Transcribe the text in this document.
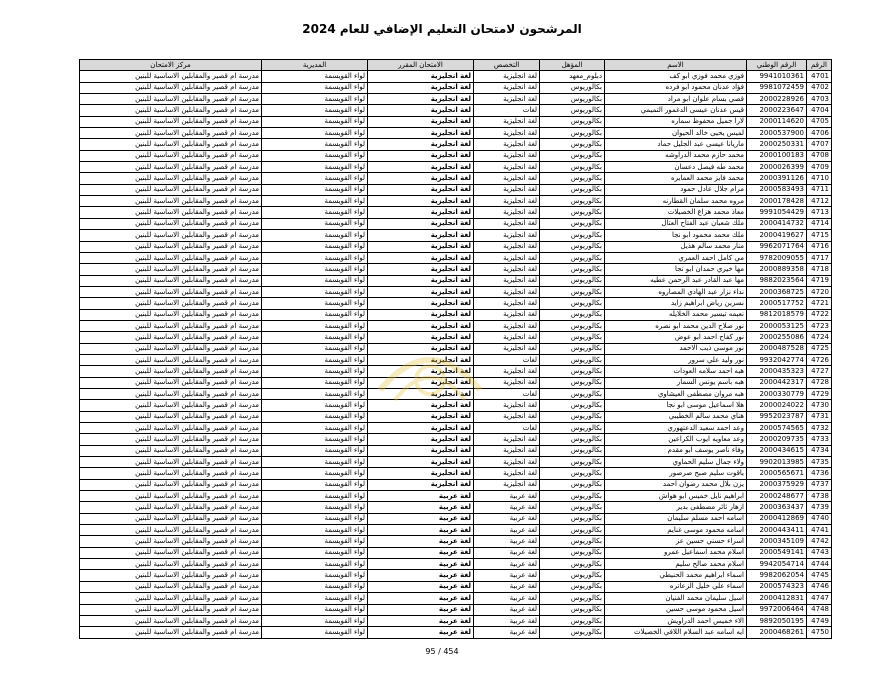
المرشحون لامتحان التعليم الإضافي للعام 2024
الرقم	الرقم الوطني	الاسم	المؤهل	التخصص	الامتحان المقرر	المديرية	مركز الامتحان
4701	9941010361	فوزي محمد فوزي ابو كف	دبلوم_معهد	لغة انجليزية	لغة انجليزية	لواء القويسمة	مدرسة ام قصير والمقابلين الاساسية للبنين
4702	9981072459	فؤاد عدنان محمود ابو فرده	بكالوريوس	لغة انجليزية	لغة انجليزية	لواء القويسمة	مدرسة ام قصير والمقابلين الاساسية للبنين
4703	2000228926	قصي بسام علوان ابو مراد	بكالوريوس	لغة انجليزية	لغة انجليزية	لواء القويسمة	مدرسة ام قصير والمقابلين الاساسية للبنين
4704	2000223647	قيس عدنان عيسى الدغمور التميمي	بكالوريوس	لغات	لغة انجليزية	لواء القويسمة	مدرسة ام قصير والمقابلين الاساسية للبنين
4705	2000114620	لارا جميل محفوظ سماره	بكالوريوس	لغة انجليزية	لغة انجليزية	لواء القويسمة	مدرسة ام قصير والمقابلين الاساسية للبنين
4706	2000537900	لميس يحيى خالد الحيوان	بكالوريوس	لغة انجليزية	لغة انجليزية	لواء القويسمة	مدرسة ام قصير والمقابلين الاساسية للبنين
4707	2000250331	ماريانا عيسى عبد الجليل حماد	بكالوريوس	لغة انجليزية	لغة انجليزية	لواء القويسمة	مدرسة ام قصير والمقابلين الاساسية للبنين
4708	2000100183	محمد حازم محمد الدراوشه	بكالوريوس	لغة انجليزية	لغة انجليزية	لواء القويسمة	مدرسة ام قصير والمقابلين الاساسية للبنين
4709	2000026399	محمد طه فيصل دعسان	بكالوريوس	لغة انجليزية	لغة انجليزية	لواء القويسمة	مدرسة ام قصير والمقابلين الاساسية للبنين
4710	2000391126	محمد فايز محمد العمايره	بكالوريوس	لغة انجليزية	لغة انجليزية	لواء القويسمة	مدرسة ام قصير والمقابلين الاساسية للبنين
4711	2000583493	مرام جلال عادل حمود	بكالوريوس	لغة انجليزية	لغة انجليزية	لواء القويسمة	مدرسة ام قصير والمقابلين الاساسية للبنين
4712	2000178428	مروه محمد سلمان القطارنه	بكالوريوس	لغة انجليزية	لغة انجليزية	لواء القويسمة	مدرسة ام قصير والمقابلين الاساسية للبنين
4713	9991054429	معاذ محمد هزاع الخصيلات	بكالوريوس	لغة انجليزية	لغة انجليزية	لواء القويسمة	مدرسة ام قصير والمقابلين الاساسية للبنين
4714	2000414732	ملك شعبان عبد الفتاح العتال	بكالوريوس	لغة انجليزية	لغة انجليزية	لواء القويسمة	مدرسة ام قصير والمقابلين الاساسية للبنين
4715	2000419627	ملك محمد محمود ابو نجا	بكالوريوس	لغة انجليزية	لغة انجليزية	لواء القويسمة	مدرسة ام قصير والمقابلين الاساسية للبنين
4716	9962071764	منار محمد سالم هذيل	بكالوريوس	لغة انجليزية	لغة انجليزية	لواء القويسمة	مدرسة ام قصير والمقابلين الاساسية للبنين
4717	9782009055	مي كامل احمد العمري	بكالوريوس	لغة انجليزية	لغة انجليزية	لواء القويسمة	مدرسة ام قصير والمقابلين الاساسية للبنين
4718	2000889358	مها خيري حمدان ابو نجا	بكالوريوس	لغة انجليزية	لغة انجليزية	لواء القويسمة	مدرسة ام قصير والمقابلين الاساسية للبنين
4719	9882023564	مها عبد القادر عبد الرحمن عطيه	بكالوريوس	لغة انجليزية	لغة انجليزية	لواء القويسمة	مدرسة ام قصير والمقابلين الاساسية للبنين
4720	2000368725	نداء نزار عبد الهادي المصاروه	بكالوريوس	لغة انجليزية	لغة انجليزية	لواء القويسمة	مدرسة ام قصير والمقابلين الاساسية للبنين
4721	2000517752	نسرين رياض ابراهيم زايد	بكالوريوس	لغة انجليزية	لغة انجليزية	لواء القويسمة	مدرسة ام قصير والمقابلين الاساسية للبنين
4722	9812018579	نعيمه تيسير محمد الخلايله	بكالوريوس	لغة انجليزية	لغة انجليزية	لواء القويسمة	مدرسة ام قصير والمقابلين الاساسية للبنين
4723	2000053125	نور صلاح الدين محمد ابو نصره	بكالوريوس	لغة انجليزية	لغة انجليزية	لواء القويسمة	مدرسة ام قصير والمقابلين الاساسية للبنين
4724	2000255086	نور كفاح احمد ابو عوض	بكالوريوس	لغة انجليزية	لغة انجليزية	لواء القويسمة	مدرسة ام قصير والمقابلين الاساسية للبنين
4725	2000487528	نور موسى ذيب الاحمد	بكالوريوس	لغة انجليزية	لغة انجليزية	لواء القويسمة	مدرسة ام قصير والمقابلين الاساسية للبنين
4726	9932042774	نور وليد علي سرور	بكالوريوس	لغات	لغة انجليزية	لواء القويسمة	مدرسة ام قصير والمقابلين الاساسية للبنين
4727	2000435323	هبه احمد سلامه العودات	بكالوريوس	لغة انجليزية	لغة انجليزية	لواء القويسمة	مدرسة ام قصير والمقابلين الاساسية للبنين
4728	2000442317	هبه باسم يونس السمار	بكالوريوس	لغة انجليزية	لغة انجليزية	لواء القويسمة	مدرسة ام قصير والمقابلين الاساسية للبنين
4729	2000330779	هبه مروان مصطفى العيشاوي	بكالوريوس	لغات	لغة انجليزية	لواء القويسمة	مدرسة ام قصير والمقابلين الاساسية للبنين
4730	2000024022	هلا اسماعيل موسى ابو نجا	بكالوريوس	لغة انجليزية	لغة انجليزية	لواء القويسمة	مدرسة ام قصير والمقابلين الاساسية للبنين
4731	9952023787	هناي محمد سالم الخطيبي	بكالوريوس	لغة انجليزية	لغة انجليزية	لواء القويسمة	مدرسة ام قصير والمقابلين الاساسية للبنين
4732	2000574565	وعد احمد سعيد الدعتهوري	بكالوريوس	لغات	لغة انجليزية	لواء القويسمة	مدرسة ام قصير والمقابلين الاساسية للبنين
4733	2000209735	وعد معاويه ايوب الكراعين	بكالوريوس	لغة انجليزية	لغة انجليزية	لواء القويسمة	مدرسة ام قصير والمقابلين الاساسية للبنين
4734	2000434615	وفاء ناصر يوسف ابو مقدم	بكالوريوس	لغة انجليزية	لغة انجليزية	لواء القويسمة	مدرسة ام قصير والمقابلين الاساسية للبنين
4735	9902013985	ولاء جمال سليم الحماوي	بكالوريوس	لغة انجليزية	لغة انجليزية	لواء القويسمة	مدرسة ام قصير والمقابلين الاساسية للبنين
4736	2000565671	ياقوت سليم صبح صرصور	بكالوريوس	لغة انجليزية	لغة انجليزية	لواء القويسمة	مدرسة ام قصير والمقابلين الاساسية للبنين
4737	2000375929	يزن بلال محمد رضوان احمد	بكالوريوس	لغة انجليزية	لغة انجليزية	لواء القويسمة	مدرسة ام قصير والمقابلين الاساسية للبنين
4738	2000248677	ابراهيم نايل خميس ابو هواش	بكالوريوس	لغة عربية	لغة عربية	لواء القويسمة	مدرسة ام قصير والمقابلين الاساسية للبنين
4739	2000363437	ازهار ثائر مصطفى بدير	بكالوريوس	لغة عربية	لغة عربية	لواء القويسمة	مدرسة ام قصير والمقابلين الاساسية للبنين
4740	2000412869	اسامه احمد مسلم سليمان	بكالوريوس	لغة عربية	لغة عربية	لواء القويسمة	مدرسة ام قصير والمقابلين الاساسية للبنين
4741	2000443411	اسامه محمود موسى غنايم	بكالوريوس	لغة عربية	لغة عربية	لواء القويسمة	مدرسة ام قصير والمقابلين الاساسية للبنين
4742	2000345109	اسراء حسني حسين عز	بكالوريوس	لغة عربية	لغة عربية	لواء القويسمة	مدرسة ام قصير والمقابلين الاساسية للبنين
4743	2000549141	اسلام محمد اسماعيل عمرو	بكالوريوس	لغة عربية	لغة عربية	لواء القويسمة	مدرسة ام قصير والمقابلين الاساسية للبنين
4744	9942054714	اسلام محمد صالح سليم	بكالوريوس	لغة عربية	لغة عربية	لواء القويسمة	مدرسة ام قصير والمقابلين الاساسية للبنين
4745	9982062054	اسماء ابراهيم محمد الحنيطي	بكالوريوس	لغة عربية	لغة عربية	لواء القويسمة	مدرسة ام قصير والمقابلين الاساسية للبنين
4746	2000574323	اسماء علي خليل الزعاتره	بكالوريوس	لغة عربية	لغة عربية	لواء القويسمة	مدرسة ام قصير والمقابلين الاساسية للبنين
4747	2000412831	اسيل سليمان محمد الفنيان	بكالوريوس	لغة عربية	لغة عربية	لواء القويسمة	مدرسة ام قصير والمقابلين الاساسية للبنين
4748	9972006464	اسيل محمود موسى حسين	بكالوريوس	لغة عربية	لغة عربية	لواء القويسمة	مدرسة ام قصير والمقابلين الاساسية للبنين
4749	9892050195	الاء خميس احمد الدراويش	بكالوريوس	لغة عربية	لغة عربية	لواء القويسمة	مدرسة ام قصير والمقابلين الاساسية للبنين
4750	2000468261	ايه اسامه عبد السلام اللافي الخصيلات	بكالوريوس	لغة عربية	لغة عربية	لواء القويسمة	مدرسة ام قصير والمقابلين الاساسية للبنين
95 / 454
